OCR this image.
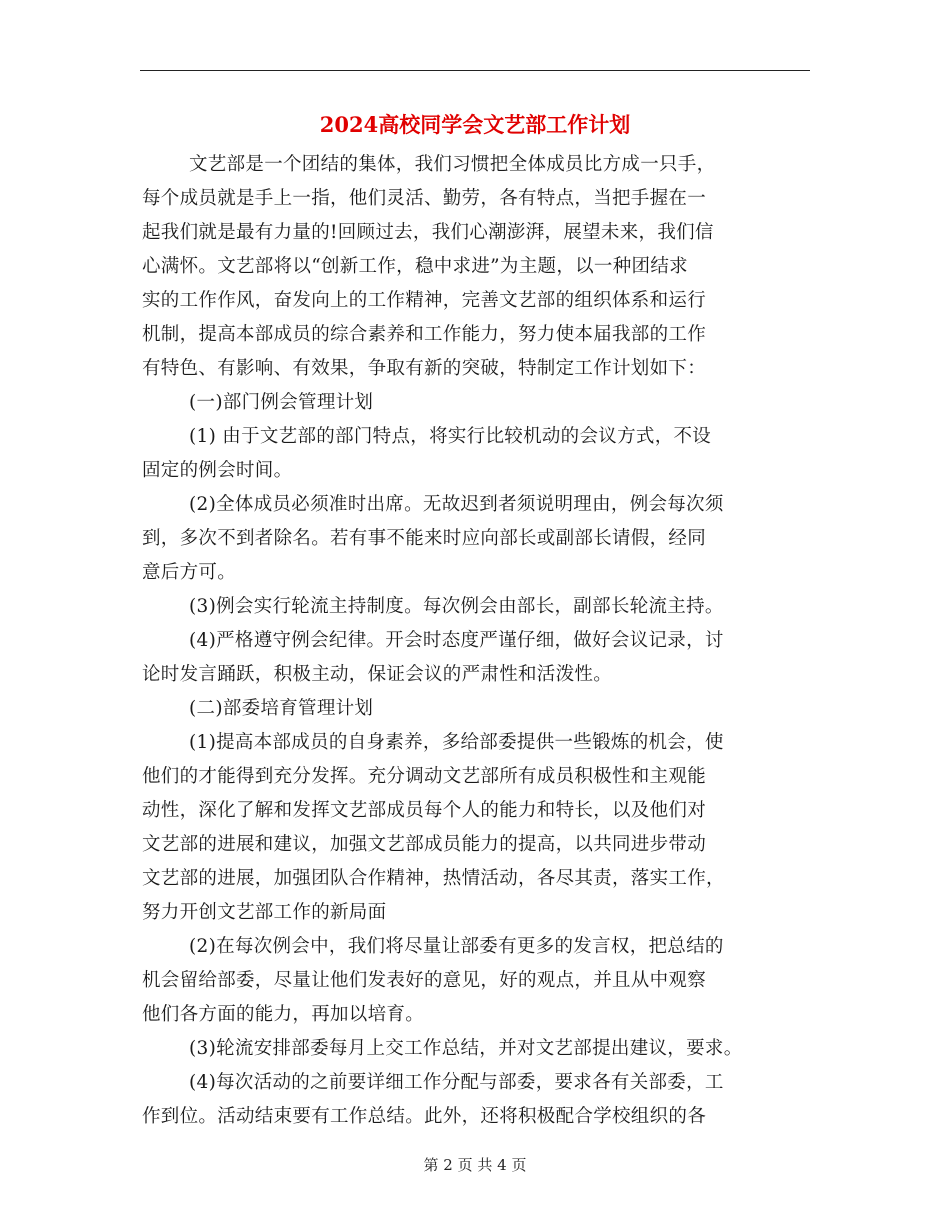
2024高校同学会文艺部工作计划
文艺部是一个团结的集体，我们习惯把全体成员比方成一只手，
每个成员就是手上一指，他们灵活、勤劳，各有特点，当把手握在一
起我们就是最有力量的!回顾过去，我们心潮澎湃，展望未来，我们信
心满怀。文艺部将以“创新工作，稳中求进”为主题，以一种团结求
实的工作作风，奋发向上的工作精神，完善文艺部的组织体系和运行
机制，提高本部成员的综合素养和工作能力，努力使本届我部的工作
有特色、有影响、有效果，争取有新的突破，特制定工作计划如下：
(一)部门例会管理计划
(1) 由于文艺部的部门特点，将实行比较机动的会议方式，不设
固定的例会时间。
(2)全体成员必须准时出席。无故迟到者须说明理由，例会每次须
到，多次不到者除名。若有事不能来时应向部长或副部长请假，经同
意后方可。
(3)例会实行轮流主持制度。每次例会由部长，副部长轮流主持。
(4)严格遵守例会纪律。开会时态度严谨仔细，做好会议记录，讨
论时发言踊跃，积极主动，保证会议的严肃性和活泼性。
(二)部委培育管理计划
(1)提高本部成员的自身素养，多给部委提供一些锻炼的机会，使
他们的才能得到充分发挥。充分调动文艺部所有成员积极性和主观能
动性，深化了解和发挥文艺部成员每个人的能力和特长，以及他们对
文艺部的进展和建议，加强文艺部成员能力的提高，以共同进步带动
文艺部的进展，加强团队合作精神，热情活动，各尽其责，落实工作，
努力开创文艺部工作的新局面
(2)在每次例会中，我们将尽量让部委有更多的发言权，把总结的
机会留给部委，尽量让他们发表好的意见，好的观点，并且从中观察
他们各方面的能力，再加以培育。
(3)轮流安排部委每月上交工作总结，并对文艺部提出建议，要求。
(4)每次活动的之前要详细工作分配与部委，要求各有关部委，工
作到位。活动结束要有工作总结。此外，还将积极配合学校组织的各
第 2 页 共 4 页
